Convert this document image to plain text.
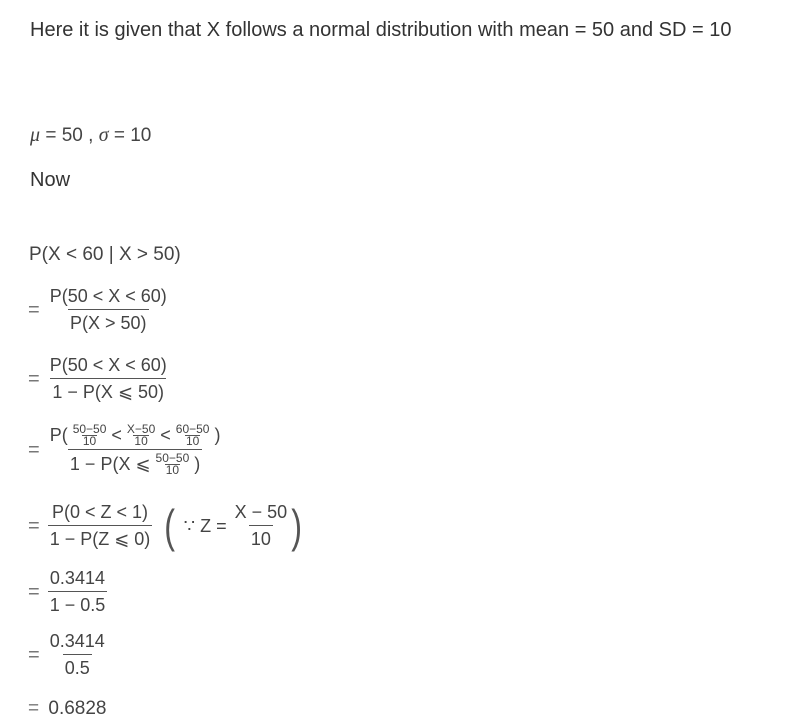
Here it is given that X follows a normal distribution with mean = 50 and SD = 10
μ = 50 , σ = 10
Now
P(X < 60 | X > 50)
= $\frac{P(50 < X < 60)}{P(X > 50)}$
= $\frac{P(50 < X < 60)}{1 - P(X ⩽ 50)}$
=
P( 50−50
10 < X−50
10 < 60−50
10 )
1 − P(X ⩽ 50−50
10 )
= $\frac{P(0 < Z < 1)}{1 - P(Z ⩽ 0)}$ ( ∵ $Z = \frac{X - 50}{10}$ )
= $\frac{0.3414}{1 - 0.5}$
= $\frac{0.3414}{0.5}$
= 0.6828
